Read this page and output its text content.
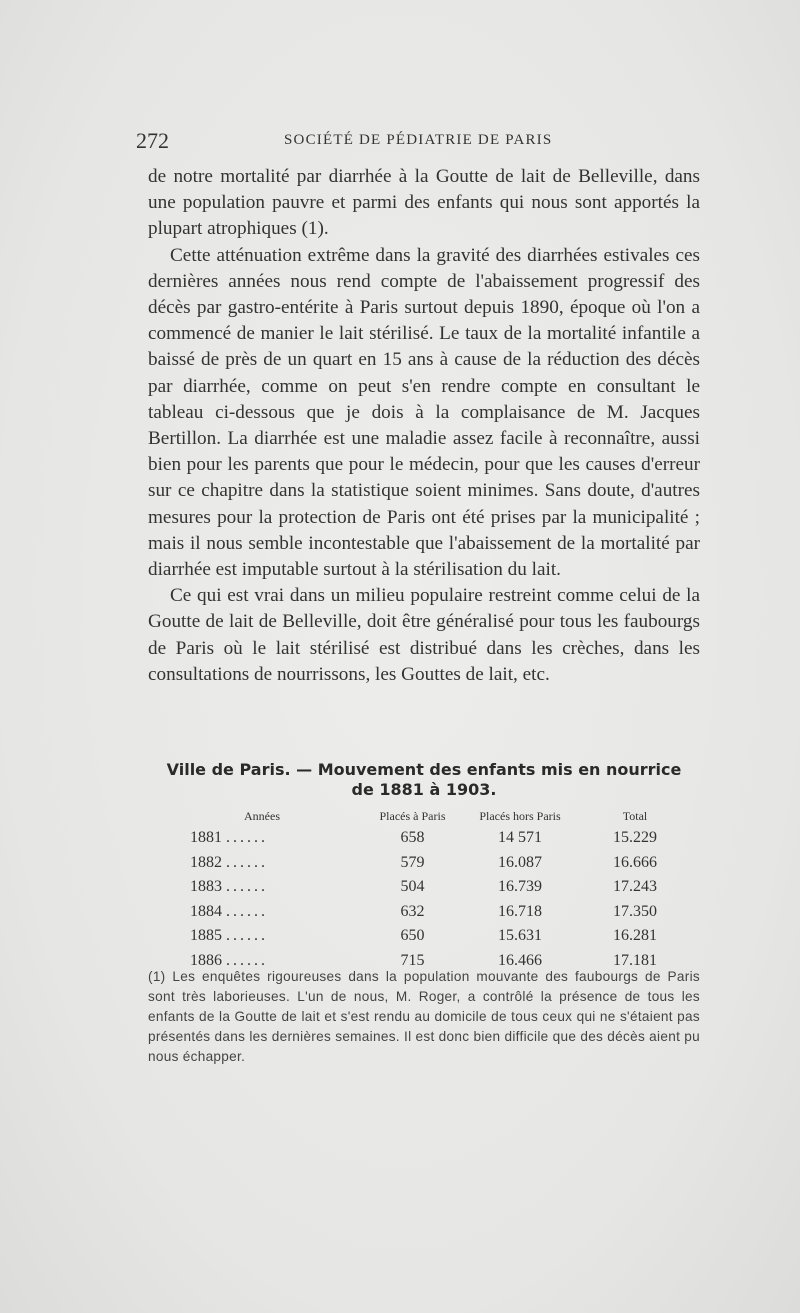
272	SOCIÉTÉ DE PÉDIATRIE DE PARIS

de notre mortalité par diarrhée à la Goutte de lait de Belleville, dans une population pauvre et parmi des enfants qui nous sont apportés la plupart atrophiques (1).

Cette atténuation extrême dans la gravité des diarrhées estivales ces dernières années nous rend compte de l'abaissement progressif des décès par gastro-entérite à Paris surtout depuis 1890, époque où l'on a commencé de manier le lait stérilisé. Le taux de la mortalité infantile a baissé de près de un quart en 15 ans à cause de la réduction des décès par diarrhée, comme on peut s'en rendre compte en consultant le tableau ci-dessous que je dois à la complaisance de M. Jacques Bertillon. La diarrhée est une maladie assez facile à reconnaître, aussi bien pour les parents que pour le médecin, pour que les causes d'erreur sur ce chapitre dans la statistique soient minimes. Sans doute, d'autres mesures pour la protection de Paris ont été prises par la municipalité ; mais il nous semble incontestable que l'abaissement de la mortalité par diarrhée est imputable surtout à la stérilisation du lait.

Ce qui est vrai dans un milieu populaire restreint comme celui de la Goutte de lait de Belleville, doit être généralisé pour tous les faubourgs de Paris où le lait stérilisé est distribué dans les crèches, dans les consultations de nourrissons, les Gouttes de lait, etc.

Ville de Paris. — Mouvement des enfants mis en nourrice
de 1881 à 1903.
Années	Placés à Paris	Placés hors Paris	Total
1881 ......	658	14 571	15.229
1882 ......	579	16.087	16.666
1883 ......	504	16.739	17.243
1884 ......	632	16.718	17.350
1885 ......	650	15.631	16.281
1886 ......	715	16.466	17.181
(1) Les enquêtes rigoureuses dans la population mouvante des faubourgs de Paris sont très laborieuses. L'un de nous, M. Roger, a contrôlé la présence de tous les enfants de la Goutte de lait et s'est rendu au domicile de tous ceux qui ne s'étaient pas présentés dans les dernières semaines. Il est donc bien difficile que des décès aient pu nous échapper.
